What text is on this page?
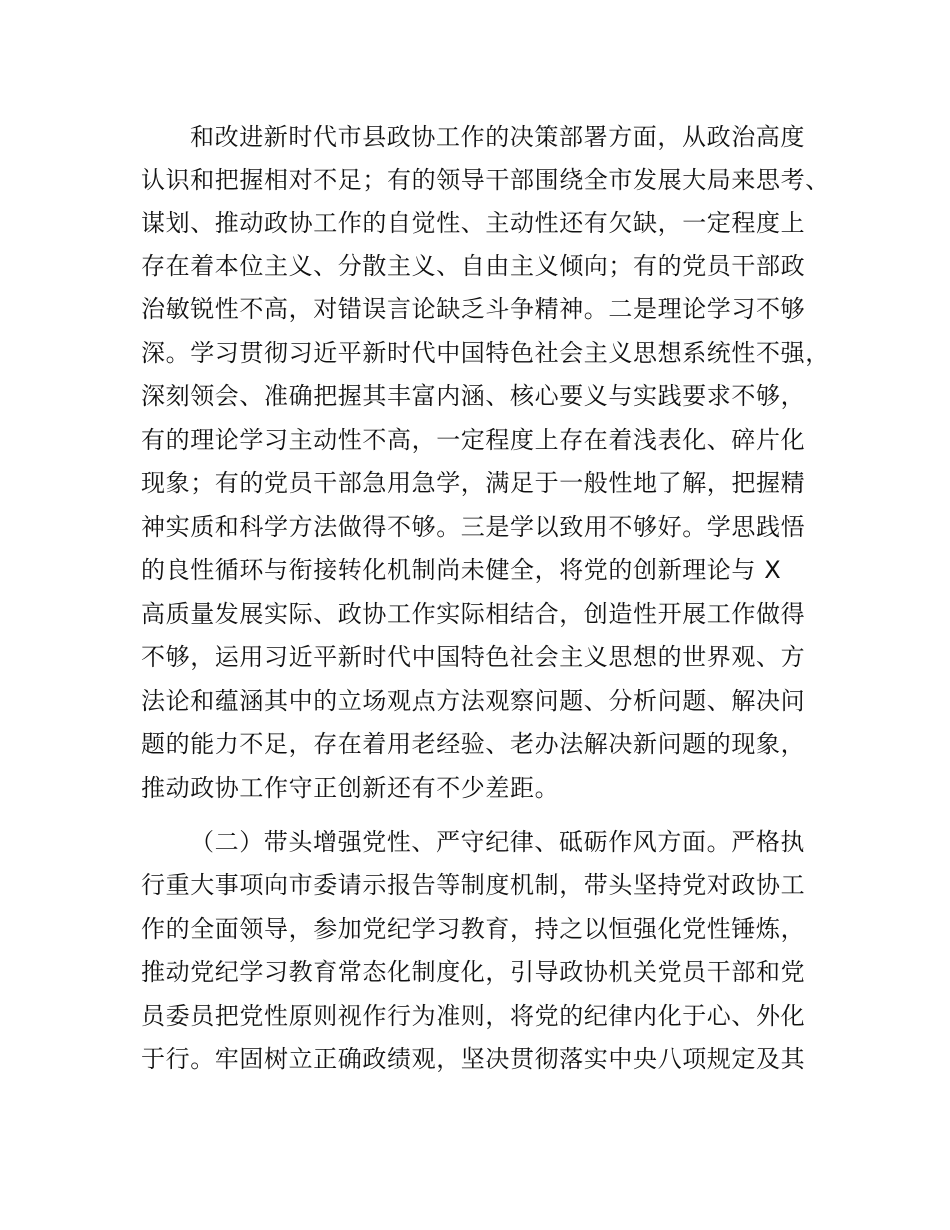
和改进新时代市县政协工作的决策部署方面，从政治高度

认识和把握相对不足；有的领导干部围绕全市发展大局来思考、

谋划、推动政协工作的自觉性、主动性还有欠缺，一定程度上

存在着本位主义、分散主义、自由主义倾向；有的党员干部政

治敏锐性不高，对错误言论缺乏斗争精神。二是理论学习不够

深。学习贯彻习近平新时代中国特色社会主义思想系统性不强，

深刻领会、准确把握其丰富内涵、核心要义与实践要求不够，

有的理论学习主动性不高，一定程度上存在着浅表化、碎片化

现象；有的党员干部急用急学，满足于一般性地了解，把握精

神实质和科学方法做得不够。三是学以致用不够好。学思践悟

的良性循环与衔接转化机制尚未健全，将党的创新理论与 X

高质量发展实际、政协工作实际相结合，创造性开展工作做得

不够，运用习近平新时代中国特色社会主义思想的世界观、方

法论和蕴涵其中的立场观点方法观察问题、分析问题、解决问

题的能力不足，存在着用老经验、老办法解决新问题的现象，

推动政协工作守正创新还有不少差距。

（二）带头增强党性、严守纪律、砥砺作风方面。严格执

行重大事项向市委请示报告等制度机制，带头坚持党对政协工

作的全面领导，参加党纪学习教育，持之以恒强化党性锤炼，

推动党纪学习教育常态化制度化，引导政协机关党员干部和党

员委员把党性原则视作行为准则，将党的纪律内化于心、外化

于行。牢固树立正确政绩观，坚决贯彻落实中央八项规定及其
